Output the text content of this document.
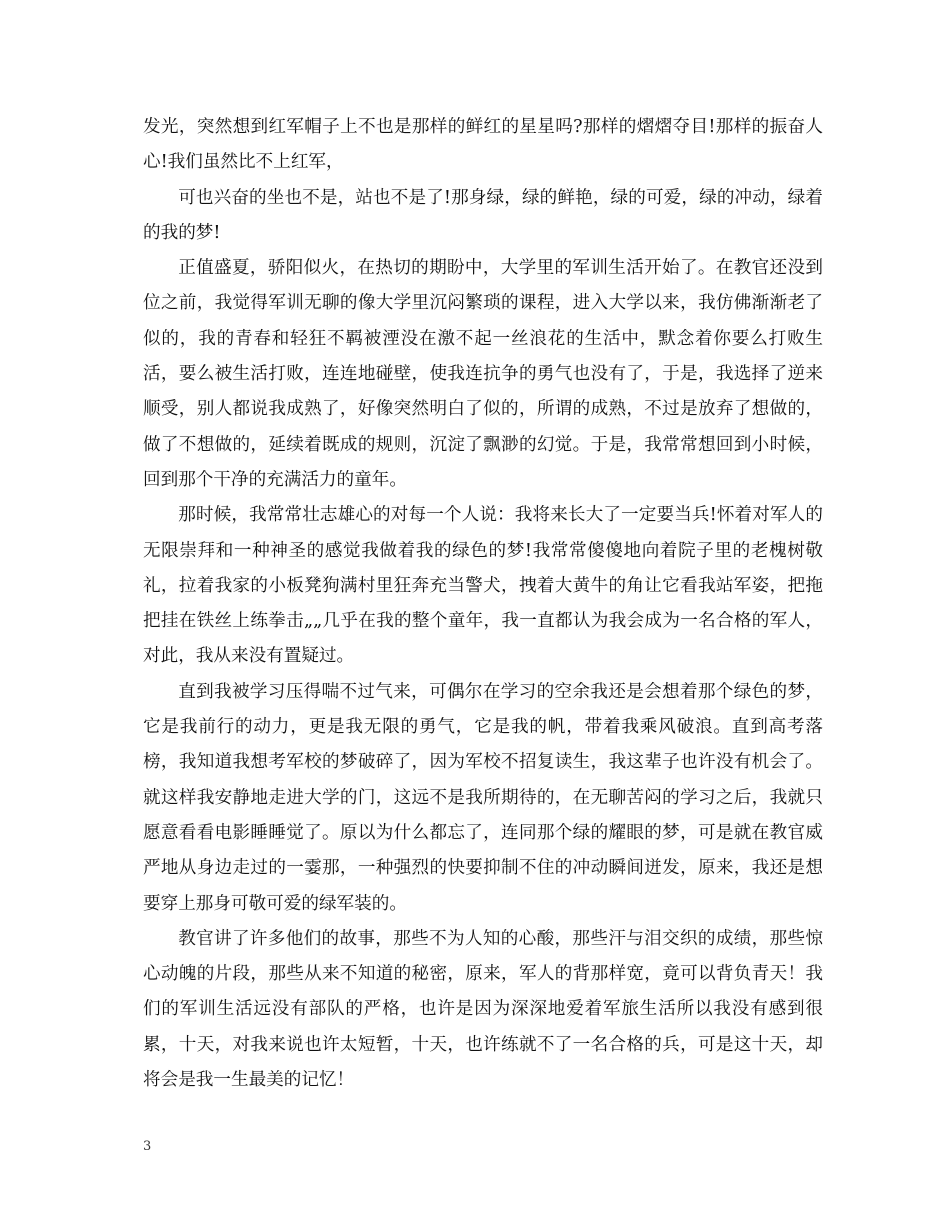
发光，突然想到红军帽子上不也是那样的鲜红的星星吗?那样的熠熠夺目!那样的振奋人心!我们虽然比不上红军，

可也兴奋的坐也不是，站也不是了!那身绿，绿的鲜艳，绿的可爱，绿的冲动，绿着的我的梦!

正值盛夏，骄阳似火，在热切的期盼中，大学里的军训生活开始了。在教官还没到位之前，我觉得军训无聊的像大学里沉闷繁琐的课程，进入大学以来，我仿佛渐渐老了似的，我的青春和轻狂不羁被湮没在激不起一丝浪花的生活中，默念着你要么打败生活，要么被生活打败，连连地碰壁，使我连抗争的勇气也没有了，于是，我选择了逆来顺受，别人都说我成熟了，好像突然明白了似的，所谓的成熟，不过是放弃了想做的，做了不想做的，延续着既成的规则，沉淀了飘渺的幻觉。于是，我常常想回到小时候，回到那个干净的充满活力的童年。

那时候，我常常壮志雄心的对每一个人说：我将来长大了一定要当兵!怀着对军人的无限崇拜和一种神圣的感觉我做着我的绿色的梦!我常常傻傻地向着院子里的老槐树敬礼，拉着我家的小板凳狗满村里狂奔充当警犬，拽着大黄牛的角让它看我站军姿，把拖把挂在铁丝上练拳击„„几乎在我的整个童年，我一直都认为我会成为一名合格的军人，对此，我从来没有置疑过。

直到我被学习压得喘不过气来，可偶尔在学习的空余我还是会想着那个绿色的梦，它是我前行的动力，更是我无限的勇气，它是我的帆，带着我乘风破浪。直到高考落榜，我知道我想考军校的梦破碎了，因为军校不招复读生，我这辈子也许没有机会了。就这样我安静地走进大学的门，这远不是我所期待的，在无聊苦闷的学习之后，我就只愿意看看电影睡睡觉了。原以为什么都忘了，连同那个绿的耀眼的梦，可是就在教官威严地从身边走过的一霎那，一种强烈的快要抑制不住的冲动瞬间迸发，原来，我还是想要穿上那身可敬可爱的绿军装的。

教官讲了许多他们的故事，那些不为人知的心酸，那些汗与泪交织的成绩，那些惊心动魄的片段，那些从来不知道的秘密，原来，军人的背那样宽，竟可以背负青天！我们的军训生活远没有部队的严格，也许是因为深深地爱着军旅生活所以我没有感到很累，十天，对我来说也许太短暂，十天，也许练就不了一名合格的兵，可是这十天，却将会是我一生最美的记忆！

3
